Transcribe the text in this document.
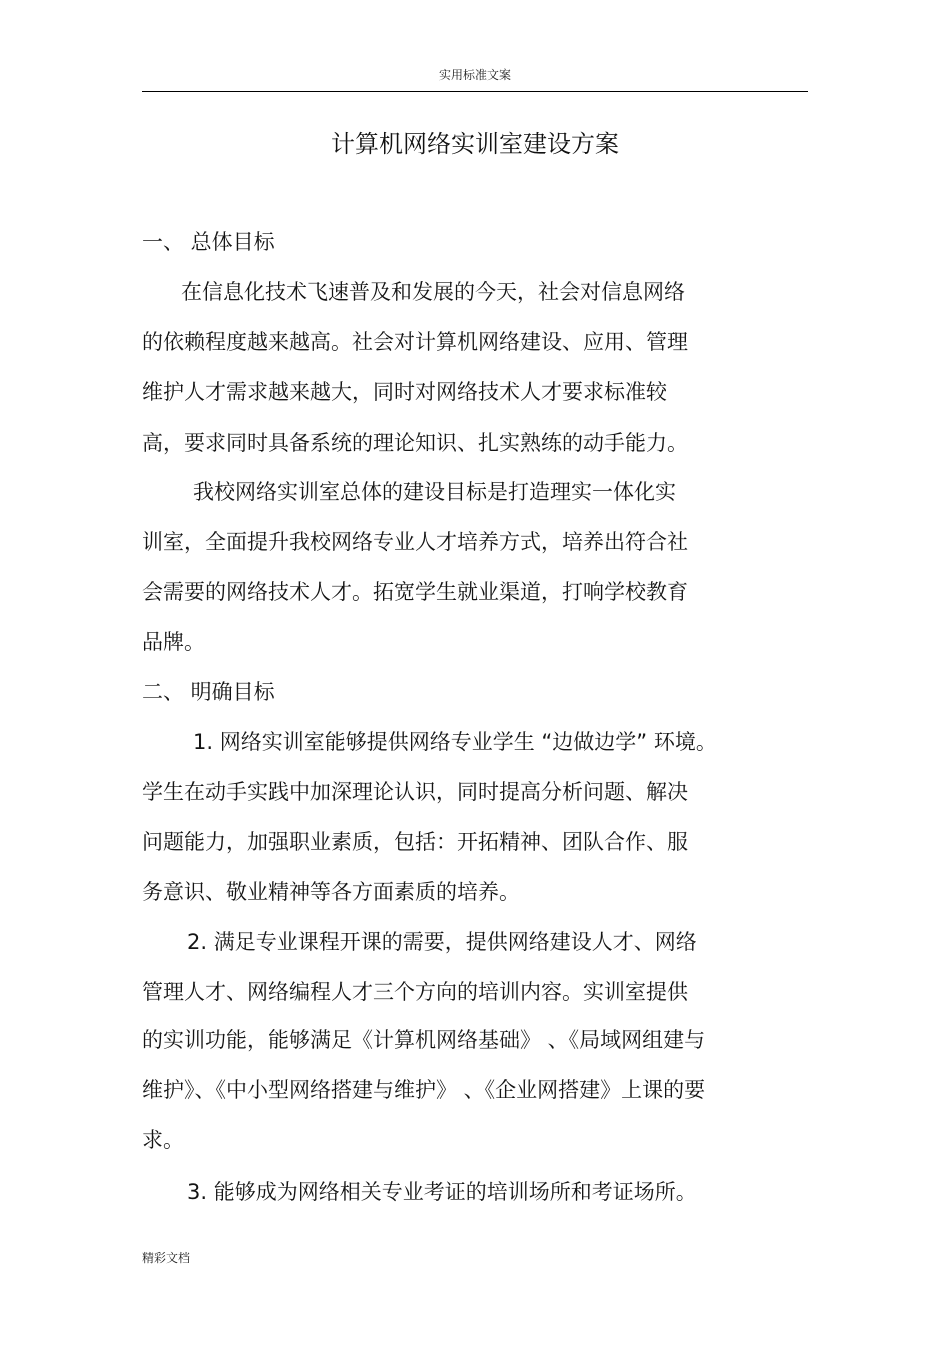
实用标准文案
计算机网络实训室建设方案
一、 总体目标
在信息化技术飞速普及和发展的今天，社会对信息网络
的依赖程度越来越高。社会对计算机网络建设、应用、管理
维护人才需求越来越大，同时对网络技术人才要求标准较
高，要求同时具备系统的理论知识、扎实熟练的动手能力。
我校网络实训室总体的建设目标是打造理实一体化实
训室，全面提升我校网络专业人才培养方式，培养出符合社
会需要的网络技术人才。拓宽学生就业渠道，打响学校教育
品牌。
二、 明确目标
1. 网络实训室能够提供网络专业学生 “边做边学” 环境。
学生在动手实践中加深理论认识，同时提高分析问题、解决
问题能力，加强职业素质，包括：开拓精神、团队合作、服
务意识、敬业精神等各方面素质的培养。
2. 满足专业课程开课的需要，提供网络建设人才、网络
管理人才、网络编程人才三个方向的培训内容。实训室提供
的实训功能，能够满足《计算机网络基础》 、《局域网组建与
维护》、《中小型网络搭建与维护》 、《企业网搭建》上课的要
求。
3. 能够成为网络相关专业考证的培训场所和考证场所。
精彩文档
